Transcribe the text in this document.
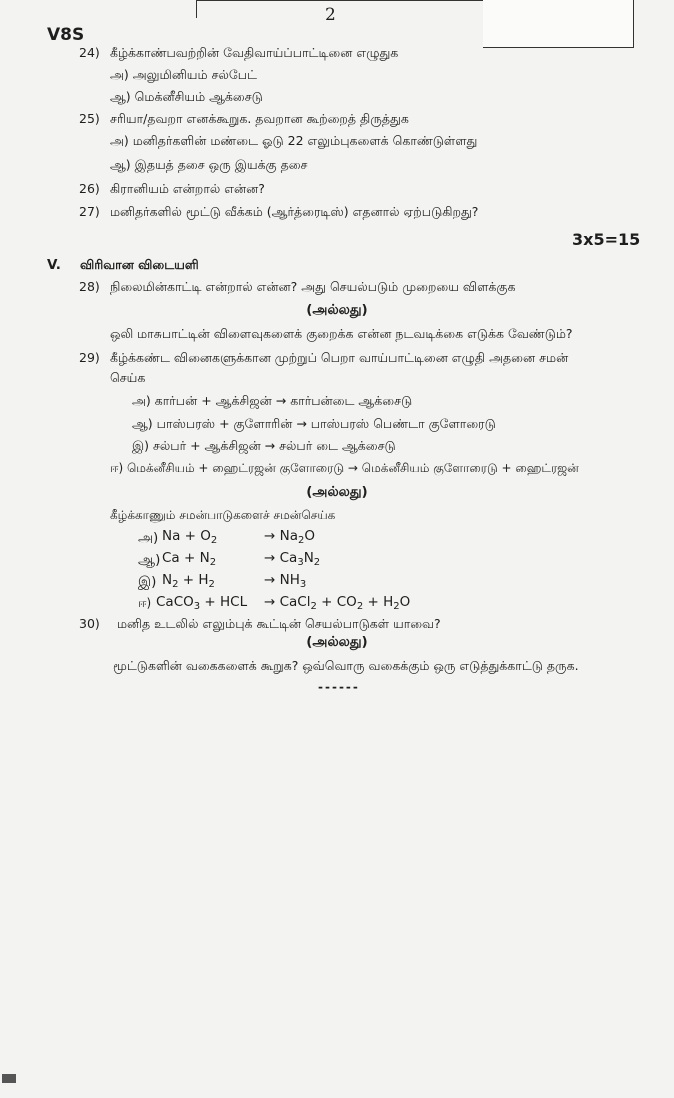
2
V8S
24) கீழ்க்காண்பவற்றின் வேதிவாய்ப்பாட்டினை எழுதுக
அ) அலுமினியம் சல்பேட்
ஆ) மெக்னீசியம் ஆக்சைடு
25) சரியா/தவறா எனக்கூறுக. தவறான கூற்றைத் திருத்துக
அ) மனிதர்களின் மண்டை ஓடு 22 எலும்புகளைக் கொண்டுள்ளது
ஆ) இதயத் தசை ஒரு இயக்கு தசை
26) கிரானியம் என்றால் என்ன?
27) மனிதர்களில் மூட்டு வீக்கம் (ஆர்த்ரைடிஸ்) எதனால் ஏற்படுகிறது?
3x5=15
V. விரிவான விடையளி
28) நிலைமின்காட்டி என்றால் என்ன? அது செயல்படும் முறையை விளக்குக
(அல்லது)
ஒலி மாசுபாட்டின் விளைவுகளைக் குறைக்க என்ன நடவடிக்கை எடுக்க வேண்டும்?
29) கீழ்க்கண்ட வினைகளுக்கான முற்றுப் பெறா வாய்பாட்டினை எழுதி அதனை சமன்
செய்க
அ) கார்பன் + ஆக்சிஜன் → கார்பன்டை ஆக்சைடு
ஆ) பாஸ்பரஸ் + குளோரின் → பாஸ்பரஸ் பெண்டா குளோரைடு
இ) சல்பர் + ஆக்சிஜன் → சல்பர் டை ஆக்சைடு
ஈ) மெக்னீசியம் + ஹைட்ரஜன் குளோரைடு → மெக்னீசியம் குளோரைடு + ஹைட்ரஜன்
(அல்லது)
கீழ்க்காணும் சமன்பாடுகளைச் சமன்செய்க
அ) $Na + O_2$	→ $Na_2O$
ஆ) $Ca + N_2$	→ $Ca_3N_2$
இ) $N_2 + H_2$	→ $NH_3$
ஈ) CaCO$_3$ + HCL → CaCl$_2$ + $CO_2 + H_2O$
30) மனித உடலில் எலும்புக் கூட்டின் செயல்பாடுகள் யாவை?
(அல்லது)
மூட்டுகளின் வகைகளைக் கூறுக? ஒவ்வொரு வகைக்கும் ஒரு எடுத்துக்காட்டு தருக.
------
